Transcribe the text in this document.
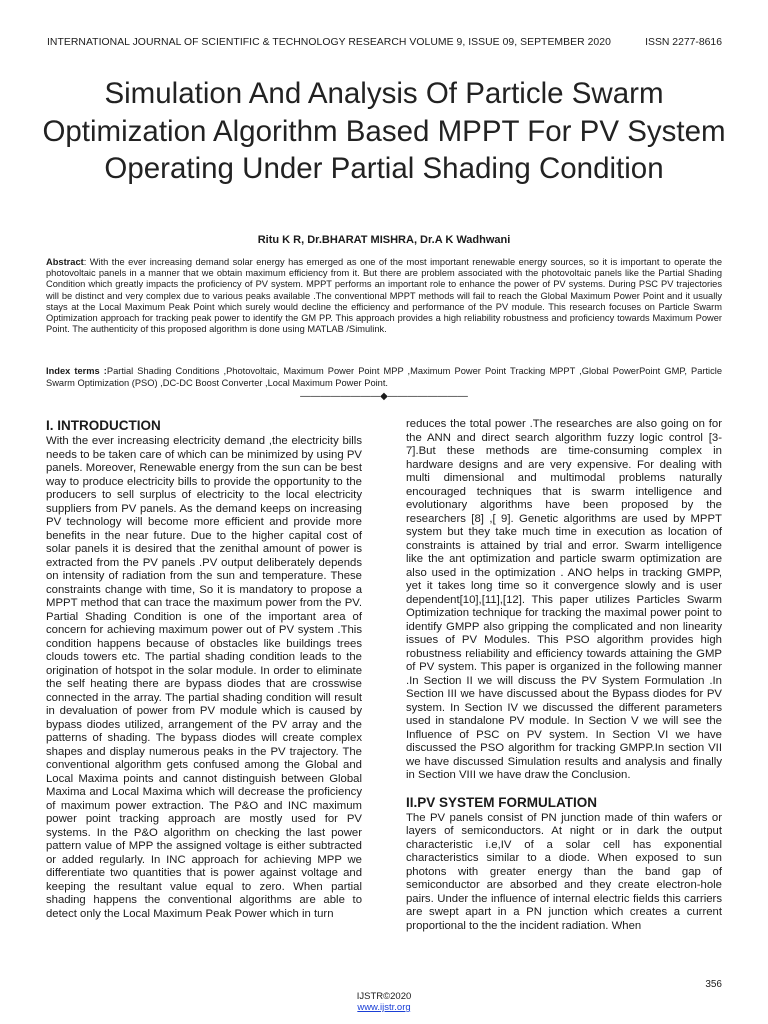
INTERNATIONAL JOURNAL OF SCIENTIFIC & TECHNOLOGY RESEARCH VOLUME 9, ISSUE 09, SEPTEMBER 2020	ISSN 2277-8616
Simulation And Analysis Of Particle Swarm Optimization Algorithm Based MPPT For PV System Operating Under Partial Shading Condition
Ritu K R, Dr.BHARAT MISHRA, Dr.A K Wadhwani

Abstract: With the ever increasing demand solar energy has emerged as one of the most important renewable energy sources, so it is important to operate the photovoltaic panels in a manner that we obtain maximum efficiency from it. But there are problem associated with the photovoltaic panels like the Partial Shading Condition which greatly impacts the proficiency of PV system. MPPT performs an important role to enhance the power of PV systems. During PSC PV trajectories will be distinct and very complex due to various peaks available .The conventional MPPT methods will fail to reach the Global Maximum Power Point and it usually stays at the Local Maximum Peak Point which surely would decline the efficiency and performance of the PV module. This research focuses on Particle Swarm Optimization approach for tracking peak power to identify the GM PP. This approach provides a high reliability robustness and proficiency towards Maximum Power Point. The authenticity of this proposed algorithm is done using MATLAB /Simulink.

Index terms :Partial Shading Conditions ,Photovoltaic, Maximum Power Point MPP ,Maximum Power Point Tracking MPPT ,Global PowerPoint GMP, Particle Swarm Optimization (PSO) ,DC-DC Boost Converter ,Local Maximum Power Point.

————————◆————————
I. INTRODUCTION

With the ever increasing electricity demand ,the electricity bills needs to be taken care of which can be minimized by using PV panels. Moreover, Renewable energy from the sun can be best way to produce electricity bills to provide the opportunity to the producers to sell surplus of electricity to the local electricity suppliers from PV panels. As the demand keeps on increasing PV technology will become more efficient and provide more benefits in the near future. Due to the higher capital cost of solar panels it is desired that the zenithal amount of power is extracted from the PV panels .PV output deliberately depends on intensity of radiation from the sun and temperature. These constraints change with time, So it is mandatory to propose a MPPT method that can trace the maximum power from the PV. Partial Shading Condition is one of the important area of concern for achieving maximum power out of PV system .This condition happens because of obstacles like buildings trees clouds towers etc. The partial shading condition leads to the origination of hotspot in the solar module. In order to eliminate the self heating there are bypass diodes that are crosswise connected in the array. The partial shading condition will result in devaluation of power from PV module which is caused by bypass diodes utilized, arrangement of the PV array and the patterns of shading. The bypass diodes will create complex shapes and display numerous peaks in the PV trajectory. The conventional algorithm gets confused among the Global and Local Maxima points and cannot distinguish between Global Maxima and Local Maxima which will decrease the proficiency of maximum power extraction. The P&O and INC maximum power point tracking approach are mostly used for PV systems. In the P&O algorithm on checking the last power pattern value of MPP the assigned voltage is either subtracted or added regularly. In INC approach for achieving MPP we differentiate two quantities that is power against voltage and keeping the resultant value equal to zero. When partial shading happens the conventional algorithms are able to detect only the Local Maximum Peak Power which in turn

reduces the total power .The researches are also going on for the ANN and direct search algorithm fuzzy logic control [3-7].But these methods are time-consuming complex in hardware designs and are very expensive. For dealing with multi dimensional and multimodal problems naturally encouraged techniques that is swarm intelligence and evolutionary algorithms have been proposed by the researchers [8] ,[ 9]. Genetic algorithms are used by MPPT system but they take much time in execution as location of constraints is attained by trial and error. Swarm intelligence like the ant optimization and particle swarm optimization are also used in the optimization . ANO helps in tracking GMPP, yet it takes long time so it convergence slowly and is user dependent[10],[11],[12]. This paper utilizes Particles Swarm Optimization technique for tracking the maximal power point to identify GMPP also gripping the complicated and non linearity issues of PV Modules. This PSO algorithm provides high robustness reliability and efficiency towards attaining the GMP of PV system. This paper is organized in the following manner .In Section II we will discuss the PV System Formulation .In Section III we have discussed about the Bypass diodes for PV system. In Section IV we discussed the different parameters used in standalone PV module. In Section V we will see the Influence of PSC on PV system. In Section VI we have discussed the PSO algorithm for tracking GMPP.In section VII we have discussed Simulation results and analysis and finally in Section VIII we have draw the Conclusion.

II.PV SYSTEM FORMULATION

The PV panels consist of PN junction made of thin wafers or layers of semiconductors. At night or in dark the output characteristic i.e,IV of a solar cell has exponential characteristics similar to a diode. When exposed to sun photons with greater energy than the band gap of semiconductor are absorbed and they create electron-hole pairs. Under the influence of internal electric fields this carriers are swept apart in a PN junction which creates a current proportional to the the incident radiation. When

356
IJSTR©2020
www.ijstr.org
